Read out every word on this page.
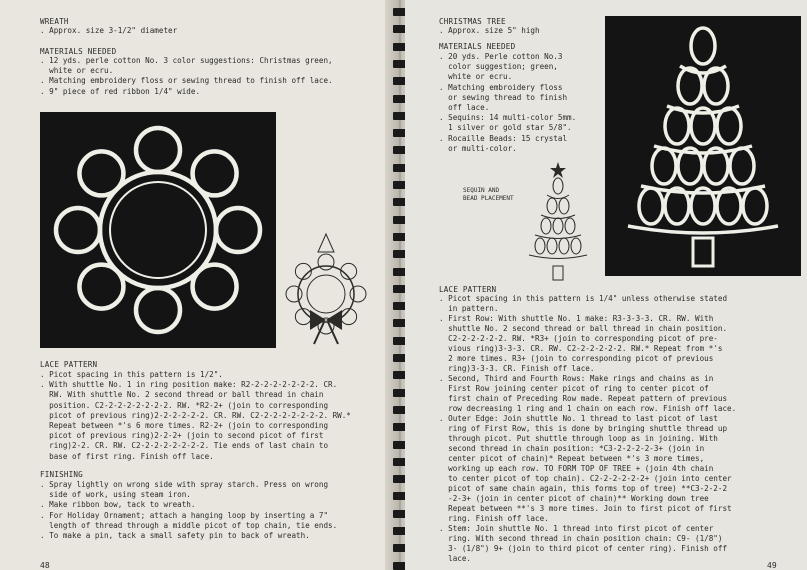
WREATH
. Approx. size 3-1/2" diameter
MATERIALS NEEDED
. 12 yds. perle cotton No. 3 color suggestions: Christmas green,
white or ecru.
. Matching embroidery floss or sewing thread to finish off lace.
. 9" piece of red ribbon 1/4" wide.
LACE PATTERN
. Picot spacing in this pattern is 1/2".
. With shuttle No. 1 in ring position make: R2-2-2-2-2-2-2-2. CR.
RW. With shuttle No. 2 second thread or ball thread in chain
position. C2-2-2-2-2-2-2-2. RW. *R2-2+ (join to corresponding
picot of previous ring)2-2-2-2-2-2. CR. RW. C2-2-2-2-2-2-2-2. RW.*
Repeat between *'s 6 more times. R2-2+ (join to corresponding
picot of previous ring)2-2-2+ (join to second picot of first
ring)2-2. CR. RW. C2-2-2-2-2-2-2-2. Tie ends of last chain to
base of first ring. Finish off lace.
FINISHING
. Spray lightly on wrong side with spray starch. Press on wrong
side of work, using steam iron.
. Make ribbon bow, tack to wreath.
. For Holiday Ornament; attach a hanging loop by inserting a 7"
length of thread through a middle picot of top chain, tie ends.
. To make a pin, tack a small safety pin to back of wreath.
48
CHRISTMAS TREE
. Approx. size 5" high
MATERIALS NEEDED
. 20 yds. Perle cotton No.3
color suggestion; green,
white or ecru.
. Matching embroidery floss
or sewing thread to finish
off lace.
. Sequins: 14 multi-color 5mm.
1 silver or gold star 5/8".
. Rocaille Beads: 15 crystal
or multi-color.
SEQUIN AND
BEAD PLACEMENT
LACE PATTERN
. Picot spacing in this pattern is 1/4" unless otherwise stated
in pattern.
. First Row: With shuttle No. 1 make: R3-3-3-3. CR. RW. With
shuttle No. 2 second thread or ball thread in chain position.
C2-2-2-2-2-2. RW. *R3+ (join to corresponding picot of pre-
vious ring)3-3-3. CR. RW. C2-2-2-2-2-2. RW.* Repeat from *'s
2 more times. R3+ (join to corresponding picot of previous
ring)3-3-3. CR. Finish off lace.
. Second, Third and Fourth Rows: Make rings and chains as in
First Row joining center picot of ring to center picot of
first chain of Preceding Row made. Repeat pattern of previous
row decreasing 1 ring and 1 chain on each row. Finish off lace.
. Outer Edge: Join shuttle No. 1 thread to last picot of last
ring of First Row, this is done by bringing shuttle thread up
through picot. Put shuttle through loop as in joining. With
second thread in chain position: *C3-2-2-2-2-3+ (join in
center picot of chain)* Repeat between *'s 3 more times,
working up each row. TO FORM TOP OF TREE + (join 4th chain
to center picot of top chain). C2-2-2-2-2-2+ (join into center
picot of same chain again, this forms top of tree) **C3-2-2-2
-2-3+ (join in center picot of chain)** Working down tree
Repeat between **'s 3 more times. Join to first picot of first
ring. Finish off lace.
. Stem: Join shuttle No. 1 thread into first picot of center
ring. With second thread in chain position chain: C9- (1/8")
3- (1/8") 9+ (join to third picot of center ring). Finish off
lace.
49
